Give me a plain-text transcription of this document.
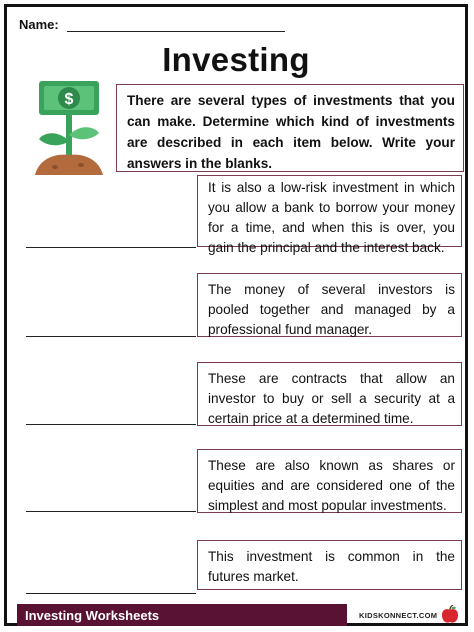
Name:
Investing
$	There are several types of investments that you can make. Determine which kind of investments are described in each item below. Write your answers in the blanks.
It is also a low-risk investment in which you allow a bank to borrow your money for a time, and when this is over, you gain the principal and the interest back.
The money of several investors is pooled together and managed by a professional fund manager.
These are contracts that allow an investor to buy or sell a security at a certain price at a determined time.
These are also known as shares or equities and are considered one of the simplest and most popular investments.
This investment is common in the futures market.
Investing Worksheets	KIDSKONNECT.COM
